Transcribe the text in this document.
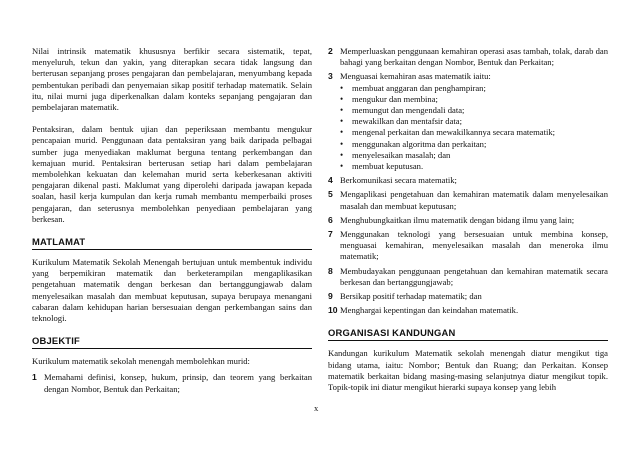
Nilai intrinsik matematik khususnya berfikir secara sistematik, tepat, menyeluruh, tekun dan yakin, yang diterapkan secara tidak langsung dan berterusan sepanjang proses pengajaran dan pembelajaran, menyumbang kepada pembentukan peribadi dan penyemaian sikap positif terhadap matematik. Selain itu, nilai murni juga diperkenalkan dalam konteks sepanjang pengajaran dan pembelajaran matematik.

Pentaksiran, dalam bentuk ujian dan peperiksaan membantu mengukur pencapaian murid. Penggunaan data pentaksiran yang baik daripada pelbagai sumber juga menyediakan maklumat berguna tentang perkembangan dan kemajuan murid. Pentaksiran berterusan setiap hari dalam pembelajaran membolehkan kekuatan dan kelemahan murid serta keberkesanan aktiviti pengajaran dikenal pasti. Maklumat yang diperolehi daripada jawapan kepada soalan, hasil kerja kumpulan dan kerja rumah membantu memperbaiki proses pengajaran, dan seterusnya membolehkan penyediaan pembelajaran yang berkesan.

MATLAMAT

Kurikulum Matematik Sekolah Menengah bertujuan untuk membentuk individu yang berpemikiran matematik dan berketerampilan mengaplikasikan pengetahuan matematik dengan berkesan dan bertanggungjawab dalam menyelesaikan masalah dan membuat keputusan, supaya berupaya menangani cabaran dalam kehidupan harian bersesuaian dengan perkembangan sains dan teknologi.

OBJEKTIF

Kurikulum matematik sekolah menengah membolehkan murid:

1 Memahami definisi, konsep, hukum, prinsip, dan teorem yang berkaitan dengan Nombor, Bentuk dan Perkaitan;
2 Memperluaskan penggunaan kemahiran operasi asas tambah, tolak, darab dan bahagi yang berkaitan dengan Nombor, Bentuk dan Perkaitan;
3 Menguasai kemahiran asas matematik iaitu:
•	membuat anggaran dan penghampiran;
•	mengukur dan membina;
•	memungut dan mengendali data;
•	mewakilkan dan mentafsir data;
•	mengenal perkaitan dan mewakilkannya secara matematik;
•	menggunakan algoritma dan perkaitan;
•	menyelesaikan masalah; dan
•	membuat keputusan.
4 Berkomunikasi secara matematik;
5 Mengaplikasi pengetahuan dan kemahiran matematik dalam menyelesaikan masalah dan membuat keputusan;
6 Menghubungkaitkan ilmu matematik dengan bidang ilmu yang lain;
7 Menggunakan teknologi yang bersesuaian untuk membina konsep, menguasai kemahiran, menyelesaikan masalah dan meneroka ilmu matematik;
8 Membudayakan penggunaan pengetahuan dan kemahiran matematik secara berkesan dan bertanggungjawab;
9 Bersikap positif terhadap matematik; dan
10 Menghargai kepentingan dan keindahan matematik.
ORGANISASI KANDUNGAN

Kandungan kurikulum Matematik sekolah menengah diatur mengikut tiga bidang utama, iaitu: Nombor; Bentuk dan Ruang; dan Perkaitan. Konsep matematik berkaitan bidang masing-masing selanjutnya diatur mengikut topik. Topik-topik ini diatur mengikut hierarki supaya konsep yang lebih

x
